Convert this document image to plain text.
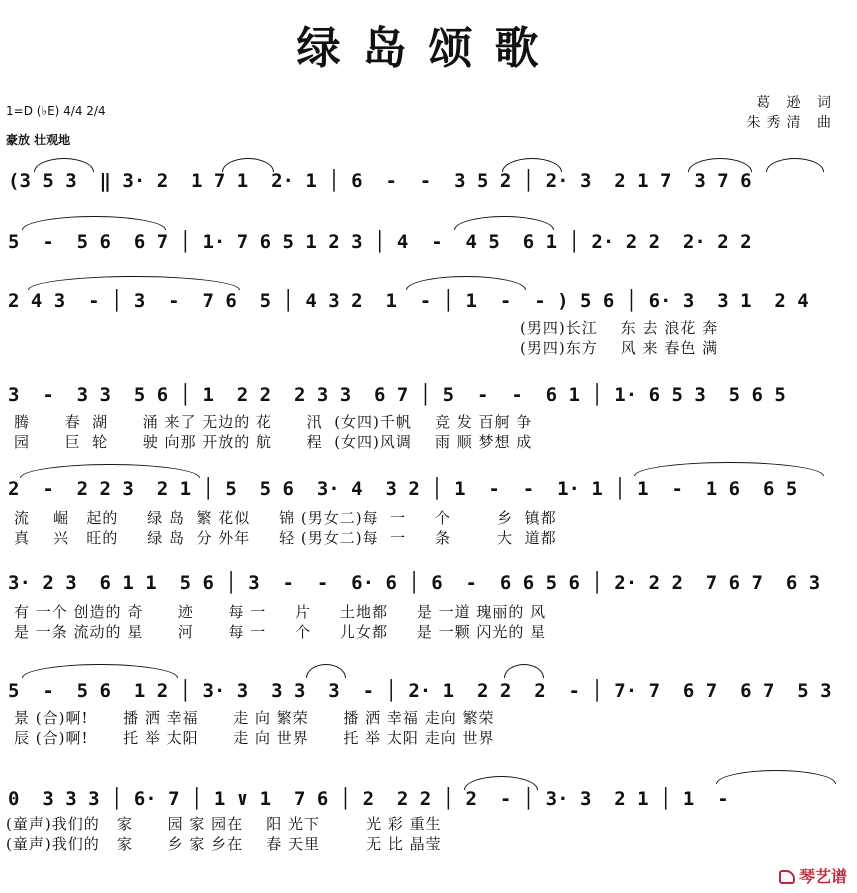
绿岛颂歌
1=D (♭E) 4/4 2/4
豪放 壮观地
葛 逊 词
朱秀清 曲
(3 5 3  ‖ 3· 2  1 7 1  2· 1 │ 6  -  -  3 5 2 │ 2· 3  2 1 7  3 7 6
5  -  5 6  6 7 │ 1· 7 6 5 1 2 3 │ 4  -  4 5  6 1 │ 2· 2 2  2· 2 2
2 4 3  - │ 3  -  7 6  5 │ 4 3 2  1  - │ 1  -  - ) 5 6 │ 6· 3  3 1  2 4
(男四)长江    东 去 浪花 奔
(男四)东方    风 来 春色 满
3  -  3 3  5 6 │ 1  2 2  2 3 3  6 7 │ 5  -  -  6 1 │ 1· 6 5 3  5 6 5
腾      春  湖      涌 来了 无边的 花      汛  (女四)千帆    竞 发 百舸 争
园      巨  轮      驶 向那 开放的 航      程  (女四)风调    雨 顺 梦想 成
2  -  2 2 3  2 1 │ 5  5 6  3· 4  3 2 │ 1  -  -  1· 1 │ 1  -  1 6  6 5
流    崛   起的     绿 岛  繁 花似     锦 (男女二)每  一     个        乡  镇都
真    兴   旺的     绿 岛  分 外年     轻 (男女二)每  一     条        大  道都
3· 2 3  6 1 1  5 6 │ 3  -  -  6· 6 │ 6  -  6 6 5 6 │ 2· 2 2  7 6 7  6 3
有 一个 创造的 奇      迹      每 一     片     土地都     是 一道 瑰丽的 风
是 一条 流动的 星      河      每 一     个     儿女都     是 一颗 闪光的 星
5  -  5 6  1 2 │ 3· 3  3 3  3  - │ 2· 1  2 2  2  - │ 7· 7  6 7  6 7  5 3
景 (合)啊!      播 洒 幸福      走 向 繁荣      播 洒 幸福 走向 繁荣
辰 (合)啊!      托 举 太阳      走 向 世界      托 举 太阳 走向 世界
0  3 3 3 │ 6· 7 │ 1 ∨ 1  7 6 │ 2  2 2 │ 2  - │ 3· 3  2 1 │ 1  -
(童声)我们的   家      园 家 园在    阳 光下        光 彩 重生
(童声)我们的   家      乡 家 乡在    春 天里        无 比 晶莹
琴艺谱
